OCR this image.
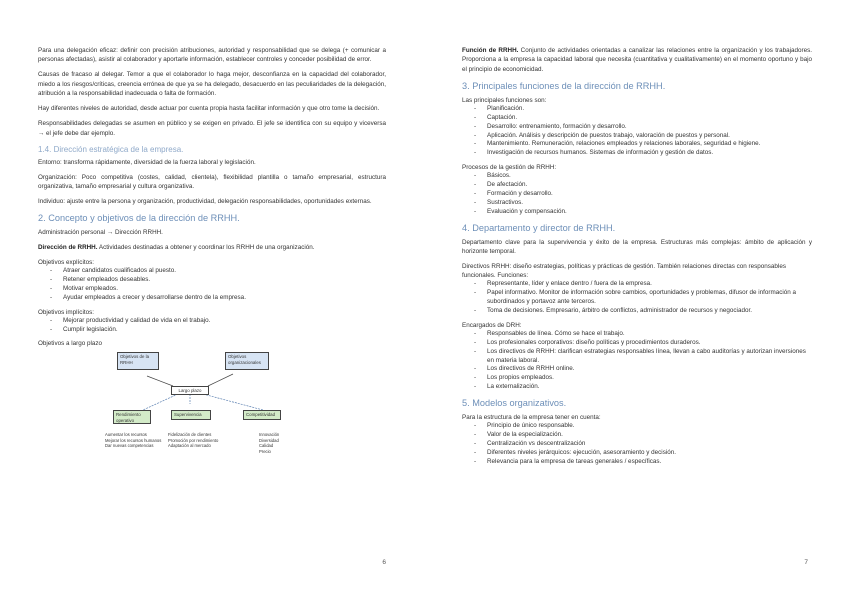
Para una delegación eficaz: definir con precisión atribuciones, autoridad y responsabilidad que se delega (+ comunicar a personas afectadas), asistir al colaborador y aportarle información, establecer controles y conceder posibilidad de error.

Causas de fracaso al delegar. Temor a que el colaborador lo haga mejor, desconfianza en la capacidad del colaborador, miedo a los riesgos/críticas, creencia errónea de que ya se ha delegado, desacuerdo en las peculiaridades de la delegación, atribución a la responsabilidad inadecuada o falta de formación.

Hay diferentes niveles de autoridad, desde actuar por cuenta propia hasta facilitar información y que otro tome la decisión.

Responsabilidades delegadas se asumen en público y se exigen en privado. El jefe se identifica con su equipo y viceversa → el jefe debe dar ejemplo.

1.4. Dirección estratégica de la empresa.

Entorno: transforma rápidamente, diversidad de la fuerza laboral y legislación.

Organización: Poco competitiva (costes, calidad, clientela), flexibilidad plantilla o tamaño empresarial, estructura organizativa, tamaño empresarial y cultura organizativa.

Individuo: ajuste entre la persona y organización, productividad, delegación responsabilidades, oportunidades externas.

2. Concepto y objetivos de la dirección de RRHH.

Administración personal → Dirección RRHH.

Dirección de RRHH. Actividades destinadas a obtener y coordinar los RRHH de una organización.

Objetivos explícitos:
- Atraer candidatos cualificados al puesto.
- Retener empleados deseables.
- Motivar empleados.
- Ayudar empleados a crecer y desarrollarse dentro de la empresa.
Objetivos implícitos:
- Mejorar productividad y calidad de vida en el trabajo.
- Cumplir legislación.
Objetivos a largo plazo
Objetivos de la RRHH
Objetivos organizacionales
Largo plazo
Rendimiento operativo
Supervivencia	Competitividad
Aumentar los recursos
Mejorar los recursos humanos
Dar nuevas competencias
Fidelización de clientes
Promoción por rendimiento
Adaptación al mercado
Innovación
Diversidad
Calidad
Precio
6

Función de RRHH. Conjunto de actividades orientadas a canalizar las relaciones entre la organización y los trabajadores. Proporciona a la empresa la capacidad laboral que necesita (cuantitativa y cualitativamente) en el momento oportuno y bajo el principio de economicidad.

3. Principales funciones de la dirección de RRHH.
Las principales funciones son:
- Planificación.
- Captación.
- Desarrollo: entrenamiento, formación y desarrollo.
- Aplicación. Análisis y descripción de puestos trabajo, valoración de puestos y personal.
- Mantenimiento. Remuneración, relaciones empleados y relaciones laborales, seguridad e higiene.
- Investigación de recursos humanos. Sistemas de información y gestión de datos.
Procesos de la gestión de RRHH:
- Básicos.
- De afectación.
- Formación y desarrollo.
- Sustractivos.
- Evaluación y compensación.
4. Departamento y director de RRHH.

Departamento clave para la supervivencia y éxito de la empresa. Estructuras más complejas: ámbito de aplicación y horizonte temporal.

Directivos RRHH: diseño estrategias, políticas y prácticas de gestión. También relaciones directas con responsables funcionales. Funciones:
- Representante, líder y enlace dentro / fuera de la empresa.
- Papel informativo. Monitor de información sobre cambios, oportunidades y problemas, difusor de información a subordinados y portavoz ante terceros.
- Toma de decisiones. Empresario, árbitro de conflictos, administrador de recursos y negociador.
Encargados de DRH:
- Responsables de línea. Cómo se hace el trabajo.
- Los profesionales corporativos: diseño políticas y procedimientos duraderos.
- Los directivos de RRHH: clarifican estrategias responsables línea, llevan a cabo auditorías y autorizan inversiones en materia laboral.
- Los directivos de RRHH online.
- Los propios empleados.
- La externalización.
5. Modelos organizativos.
Para la estructura de la empresa tener en cuenta:
- Principio de único responsable.
- Valor de la especialización.
- Centralización vs descentralización
- Diferentes niveles jerárquicos: ejecución, asesoramiento y decisión.
- Relevancia para la empresa de tareas generales / específicas.
7
